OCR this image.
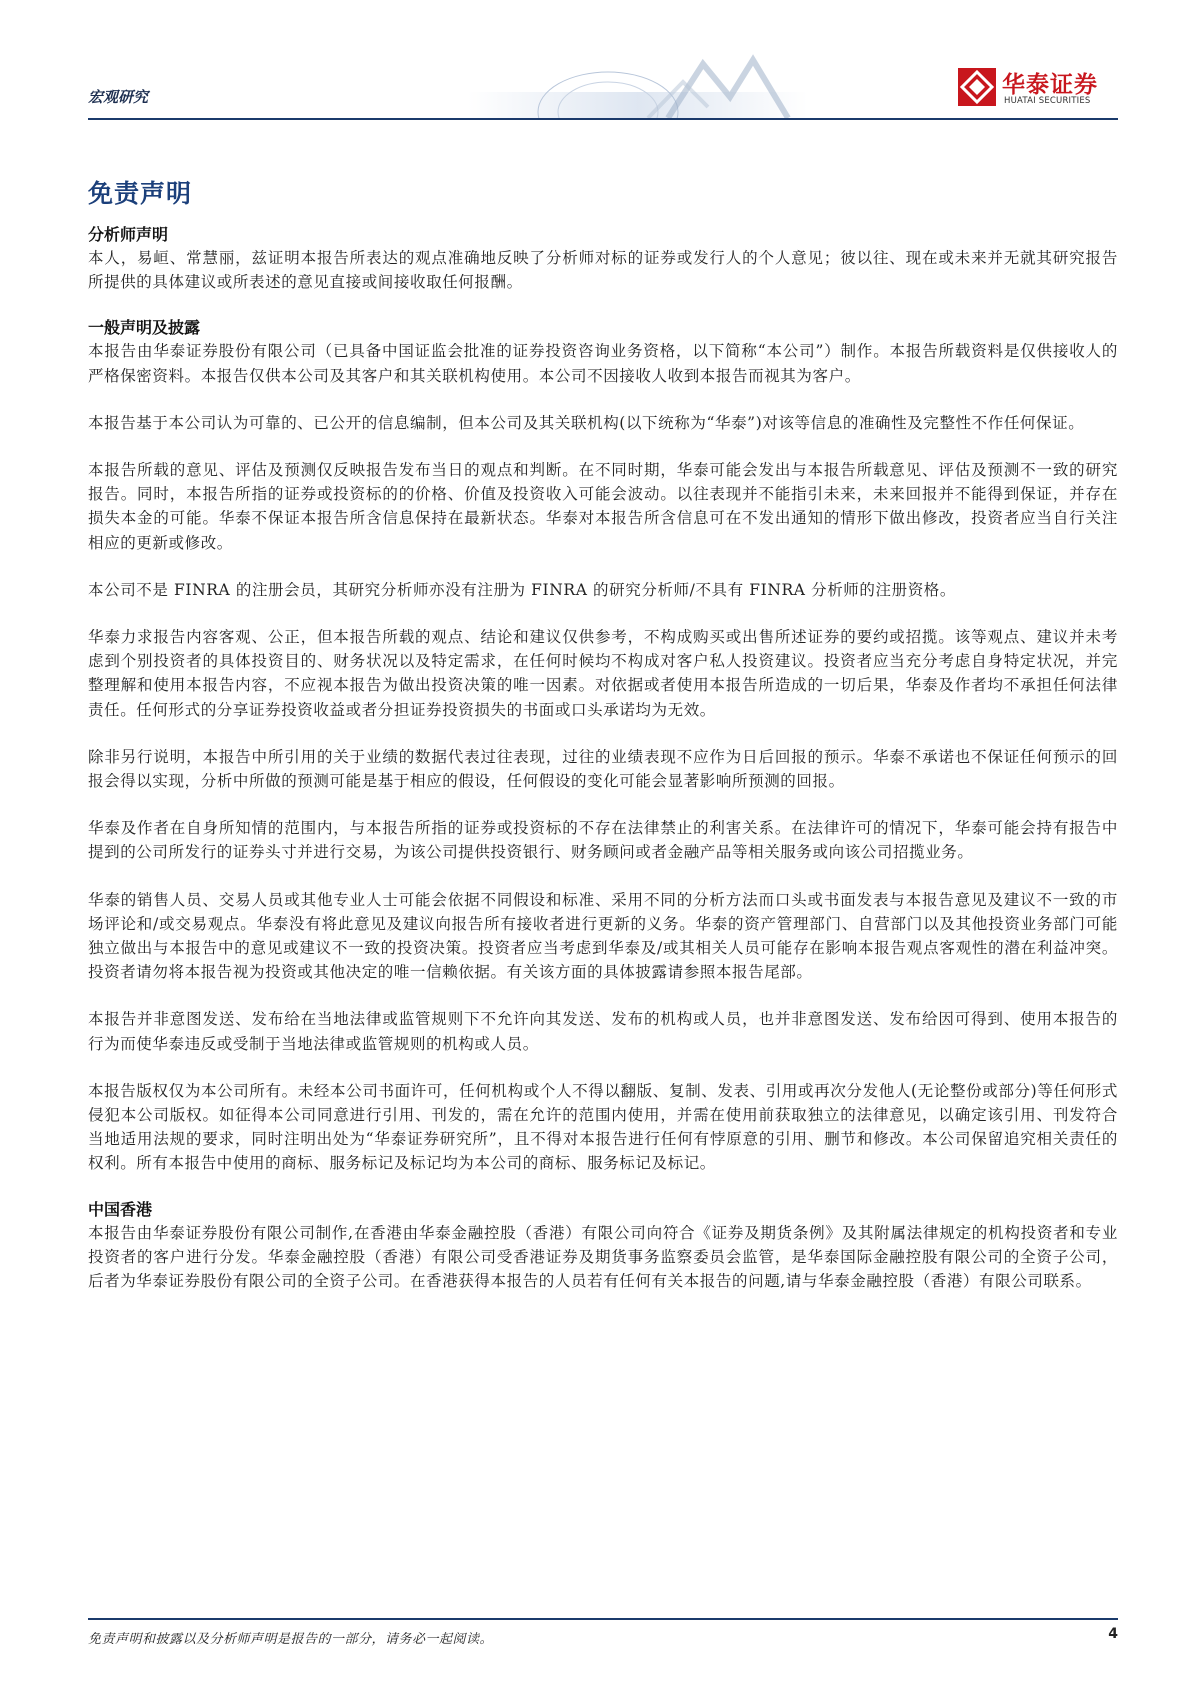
宏观研究	华泰证券
HUATAI SECURITIES
免责声明
分析师声明

本人，易峘、常慧丽，兹证明本报告所表达的观点准确地反映了分析师对标的证券或发行人的个人意见；彼以往、现在或未来并无就其研究报告所提供的具体建议或所表述的意见直接或间接收取任何报酬。

一般声明及披露

本报告由华泰证券股份有限公司（已具备中国证监会批准的证券投资咨询业务资格，以下简称“本公司”）制作。本报告所载资料是仅供接收人的严格保密资料。本报告仅供本公司及其客户和其关联机构使用。本公司不因接收人收到本报告而视其为客户。

本报告基于本公司认为可靠的、已公开的信息编制，但本公司及其关联机构(以下统称为“华泰”)对该等信息的准确性及完整性不作任何保证。

本报告所载的意见、评估及预测仅反映报告发布当日的观点和判断。在不同时期，华泰可能会发出与本报告所载意见、评估及预测不一致的研究报告。同时，本报告所指的证券或投资标的的价格、价值及投资收入可能会波动。以往表现并不能指引未来，未来回报并不能得到保证，并存在损失本金的可能。华泰不保证本报告所含信息保持在最新状态。华泰对本报告所含信息可在不发出通知的情形下做出修改，投资者应当自行关注相应的更新或修改。

本公司不是 FINRA 的注册会员，其研究分析师亦没有注册为 FINRA 的研究分析师/不具有 FINRA 分析师的注册资格。

华泰力求报告内容客观、公正，但本报告所载的观点、结论和建议仅供参考，不构成购买或出售所述证券的要约或招揽。该等观点、建议并未考虑到个别投资者的具体投资目的、财务状况以及特定需求，在任何时候均不构成对客户私人投资建议。投资者应当充分考虑自身特定状况，并完整理解和使用本报告内容，不应视本报告为做出投资决策的唯一因素。对依据或者使用本报告所造成的一切后果，华泰及作者均不承担任何法律责任。任何形式的分享证券投资收益或者分担证券投资损失的书面或口头承诺均为无效。

除非另行说明，本报告中所引用的关于业绩的数据代表过往表现，过往的业绩表现不应作为日后回报的预示。华泰不承诺也不保证任何预示的回报会得以实现，分析中所做的预测可能是基于相应的假设，任何假设的变化可能会显著影响所预测的回报。

华泰及作者在自身所知情的范围内，与本报告所指的证券或投资标的不存在法律禁止的利害关系。在法律许可的情况下，华泰可能会持有报告中提到的公司所发行的证券头寸并进行交易，为该公司提供投资银行、财务顾问或者金融产品等相关服务或向该公司招揽业务。

华泰的销售人员、交易人员或其他专业人士可能会依据不同假设和标准、采用不同的分析方法而口头或书面发表与本报告意见及建议不一致的市场评论和/或交易观点。华泰没有将此意见及建议向报告所有接收者进行更新的义务。华泰的资产管理部门、自营部门以及其他投资业务部门可能独立做出与本报告中的意见或建议不一致的投资决策。投资者应当考虑到华泰及/或其相关人员可能存在影响本报告观点客观性的潜在利益冲突。投资者请勿将本报告视为投资或其他决定的唯一信赖依据。有关该方面的具体披露请参照本报告尾部。

本报告并非意图发送、发布给在当地法律或监管规则下不允许向其发送、发布的机构或人员，也并非意图发送、发布给因可得到、使用本报告的行为而使华泰违反或受制于当地法律或监管规则的机构或人员。

本报告版权仅为本公司所有。未经本公司书面许可，任何机构或个人不得以翻版、复制、发表、引用或再次分发他人(无论整份或部分)等任何形式侵犯本公司版权。如征得本公司同意进行引用、刊发的，需在允许的范围内使用，并需在使用前获取独立的法律意见，以确定该引用、刊发符合当地适用法规的要求，同时注明出处为“华泰证券研究所”，且不得对本报告进行任何有悖原意的引用、删节和修改。本公司保留追究相关责任的权利。所有本报告中使用的商标、服务标记及标记均为本公司的商标、服务标记及标记。

中国香港

本报告由华泰证券股份有限公司制作,在香港由华泰金融控股（香港）有限公司向符合《证券及期货条例》及其附属法律规定的机构投资者和专业投资者的客户进行分发。华泰金融控股（香港）有限公司受香港证券及期货事务监察委员会监管，是华泰国际金融控股有限公司的全资子公司，后者为华泰证券股份有限公司的全资子公司。在香港获得本报告的人员若有任何有关本报告的问题,请与华泰金融控股（香港）有限公司联系。

免责声明和披露以及分析师声明是报告的一部分，请务必一起阅读。	4
